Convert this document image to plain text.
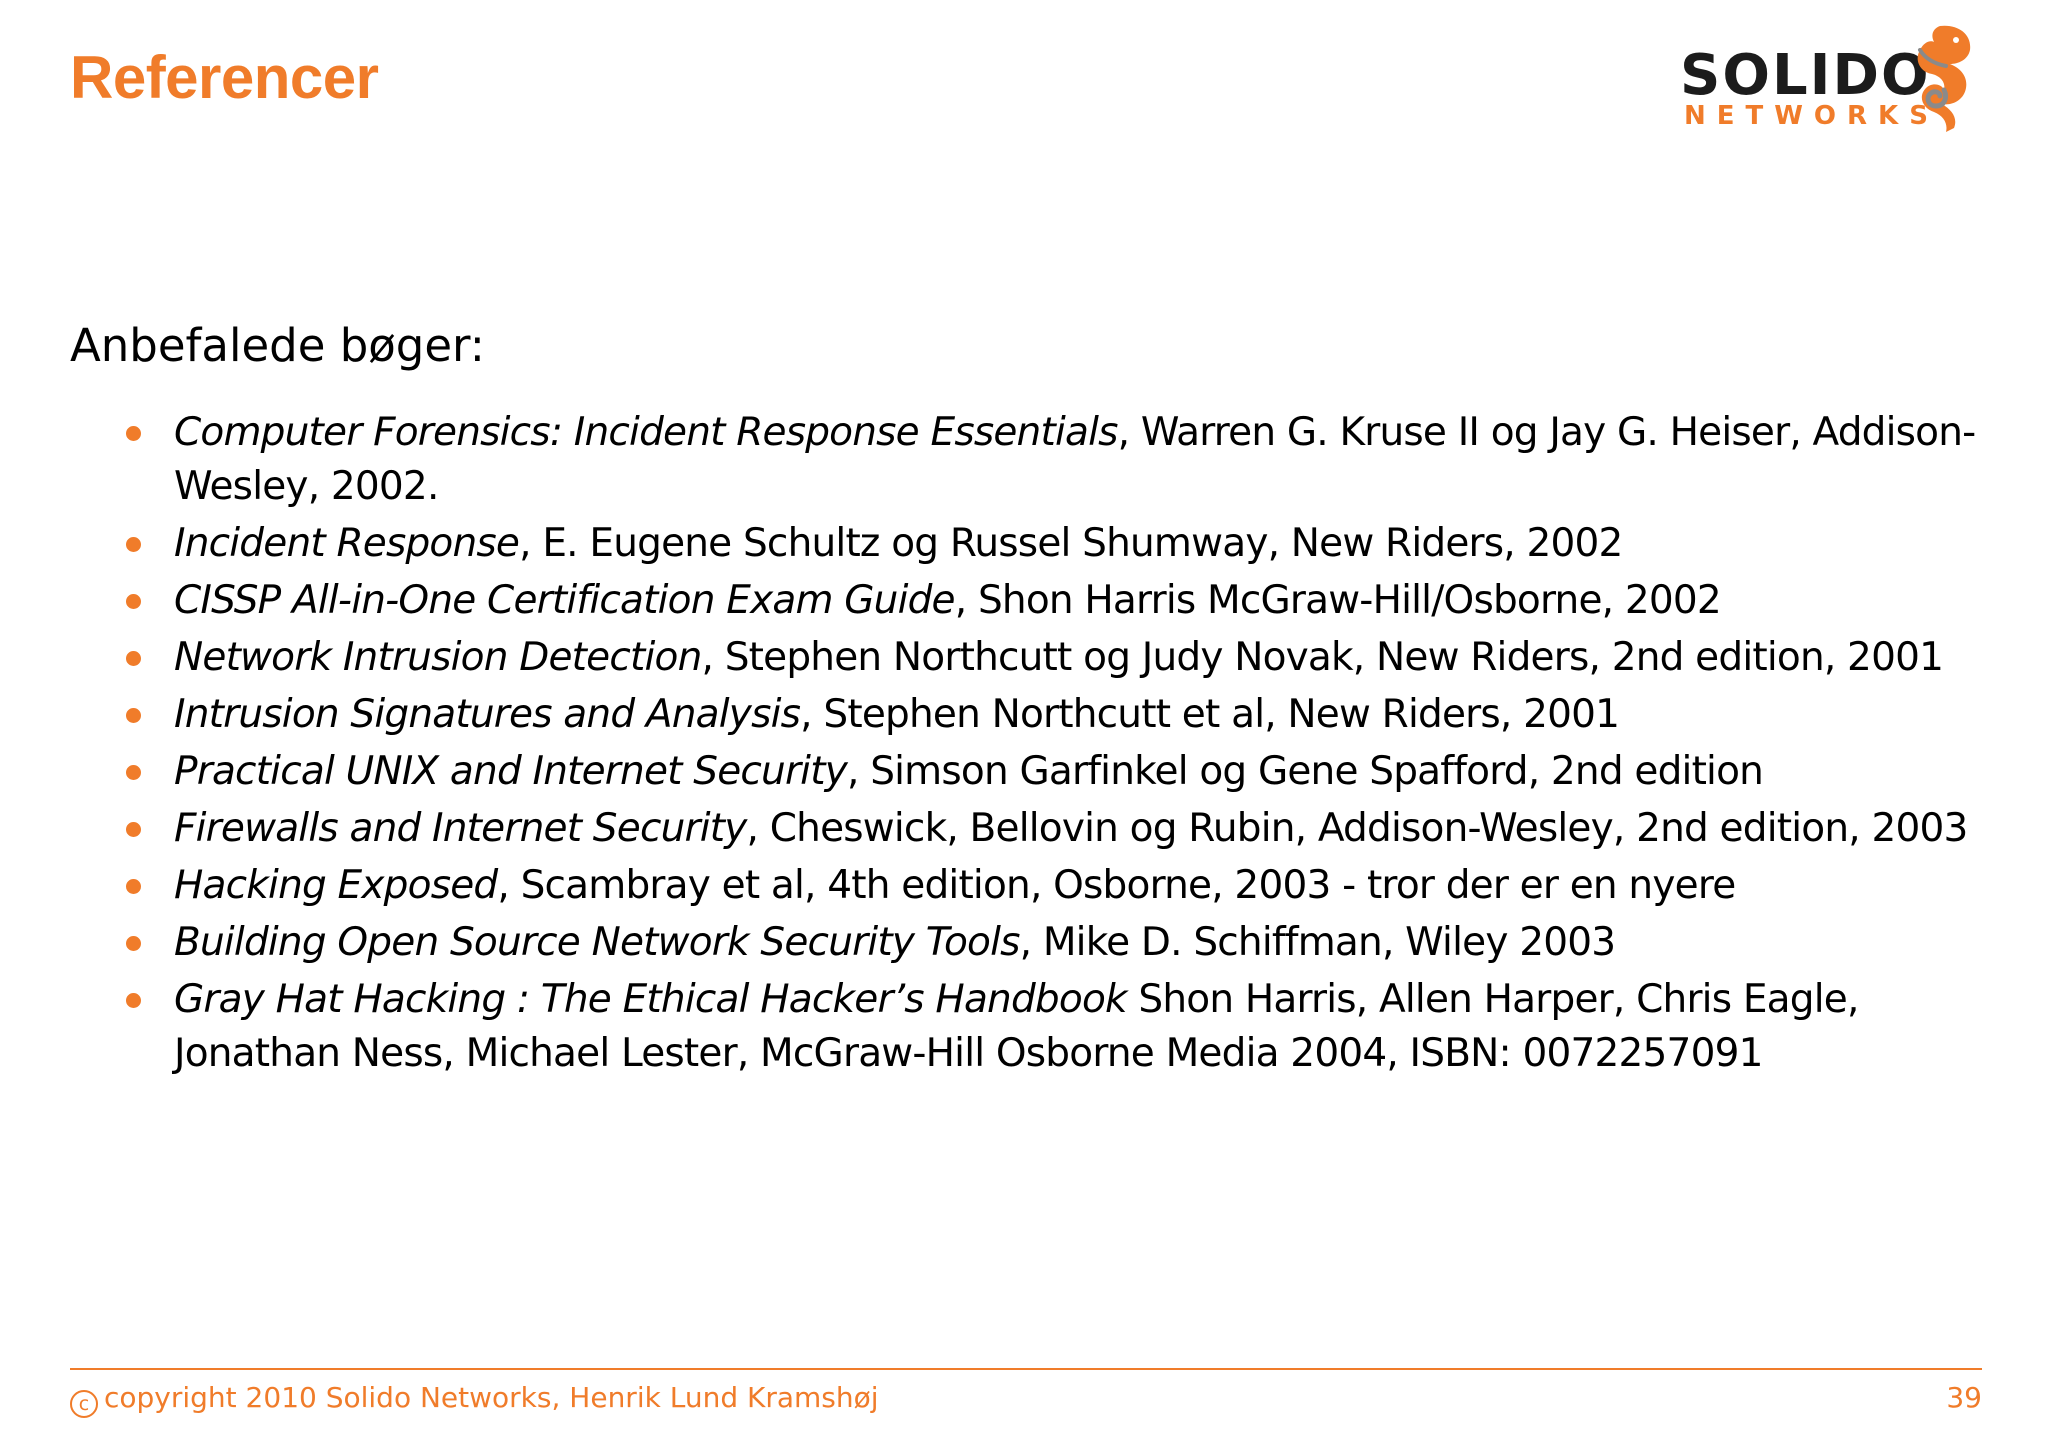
Referencer	SOLIDO
NETWORKS
Anbefalede bøger:
Computer Forensics: Incident Response Essentials, Warren G. Kruse II og Jay G. Heiser, Addison-Wesley, 2002.
Incident Response, E. Eugene Schultz og Russel Shumway, New Riders, 2002
CISSP All-in-One Certification Exam Guide, Shon Harris McGraw-Hill/Osborne, 2002
Network Intrusion Detection, Stephen Northcutt og Judy Novak, New Riders, 2nd edition, 2001
Intrusion Signatures and Analysis, Stephen Northcutt et al, New Riders, 2001
Practical UNIX and Internet Security, Simson Garfinkel og Gene Spafford, 2nd edition
Firewalls and Internet Security, Cheswick, Bellovin og Rubin, Addison-Wesley, 2nd edition, 2003
Hacking Exposed, Scambray et al, 4th edition, Osborne, 2003 - tror der er en nyere
Building Open Source Network Security Tools, Mike D. Schiffman, Wiley 2003
Gray Hat Hacking : The Ethical Hacker’s Handbook Shon Harris, Allen Harper, Chris Eagle, Jonathan Ness, Michael Lester, McGraw-Hill Osborne Media 2004, ISBN: 0072257091
c copyright 2010 Solido Networks, Henrik Lund Kramshøj	39
